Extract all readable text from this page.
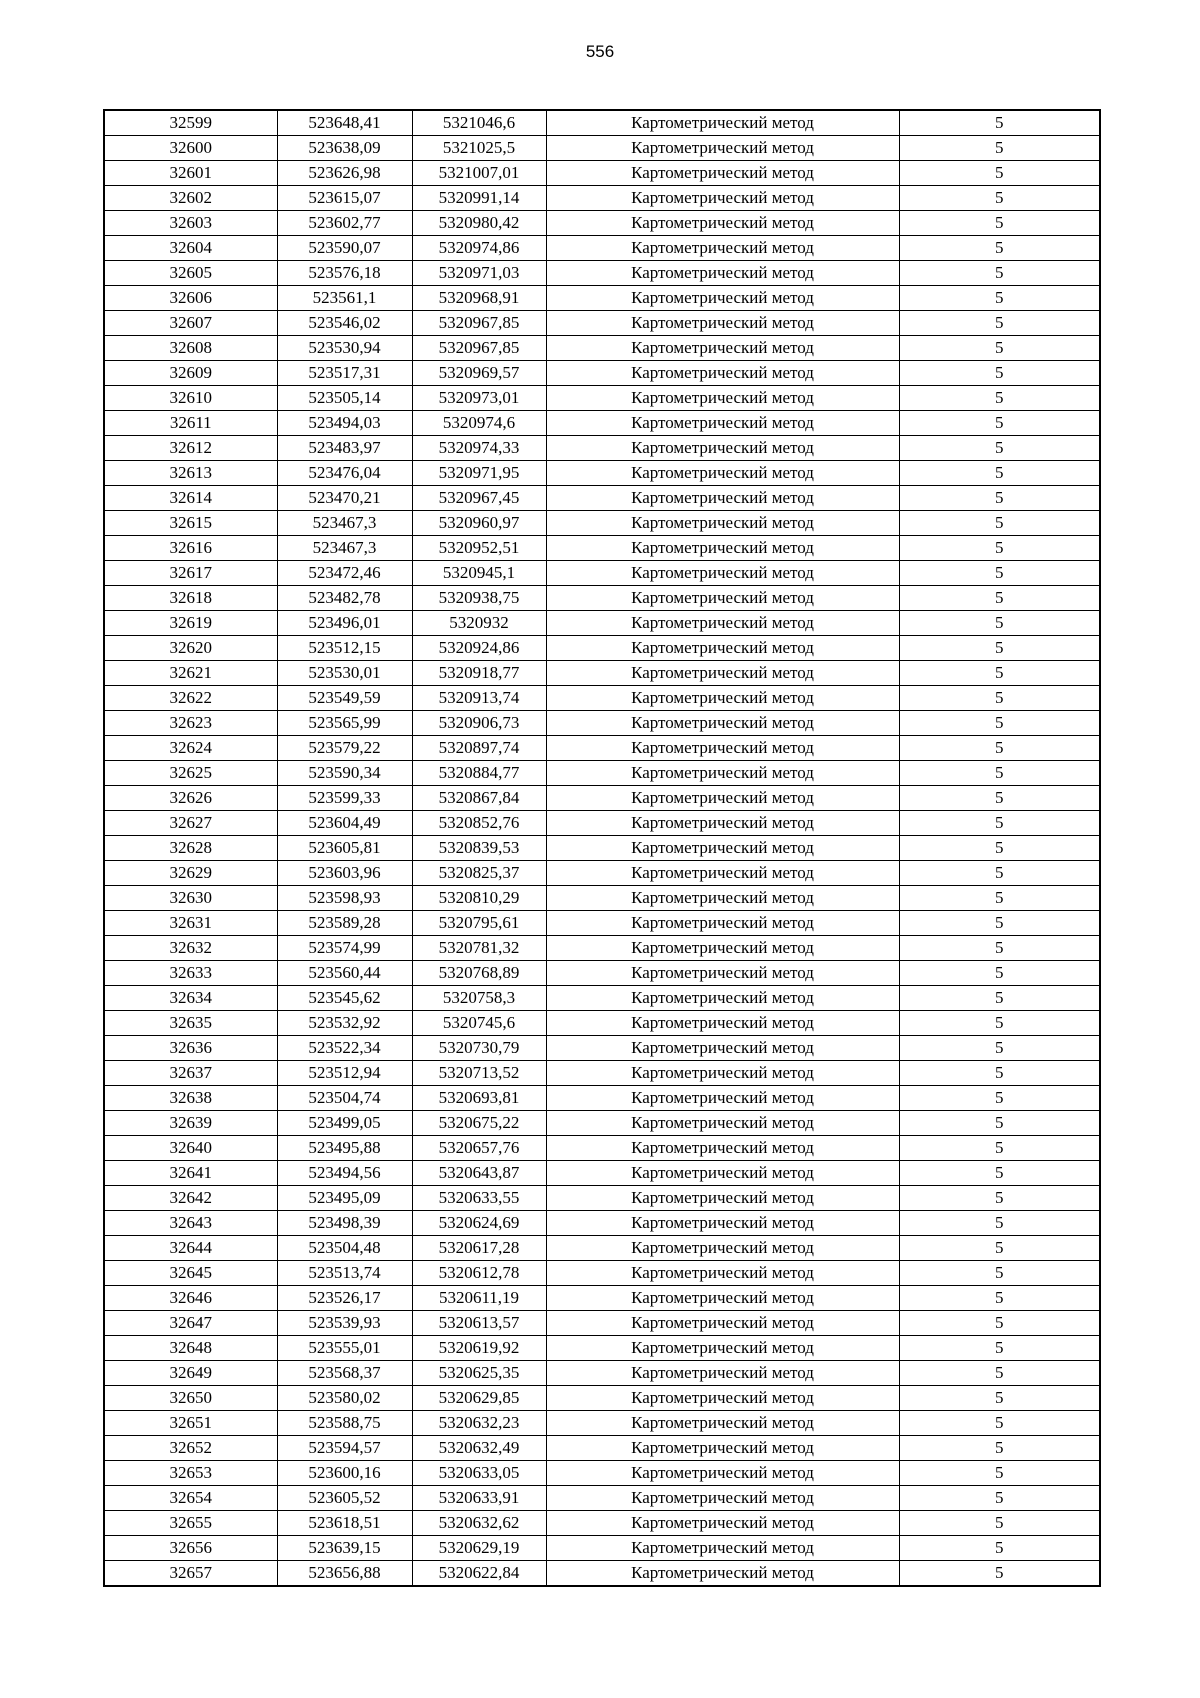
556
32599	523648,41	5321046,6	Картометрический метод	5
32600	523638,09	5321025,5	Картометрический метод	5
32601	523626,98	5321007,01	Картометрический метод	5
32602	523615,07	5320991,14	Картометрический метод	5
32603	523602,77	5320980,42	Картометрический метод	5
32604	523590,07	5320974,86	Картометрический метод	5
32605	523576,18	5320971,03	Картометрический метод	5
32606	523561,1	5320968,91	Картометрический метод	5
32607	523546,02	5320967,85	Картометрический метод	5
32608	523530,94	5320967,85	Картометрический метод	5
32609	523517,31	5320969,57	Картометрический метод	5
32610	523505,14	5320973,01	Картометрический метод	5
32611	523494,03	5320974,6	Картометрический метод	5
32612	523483,97	5320974,33	Картометрический метод	5
32613	523476,04	5320971,95	Картометрический метод	5
32614	523470,21	5320967,45	Картометрический метод	5
32615	523467,3	5320960,97	Картометрический метод	5
32616	523467,3	5320952,51	Картометрический метод	5
32617	523472,46	5320945,1	Картометрический метод	5
32618	523482,78	5320938,75	Картометрический метод	5
32619	523496,01	5320932	Картометрический метод	5
32620	523512,15	5320924,86	Картометрический метод	5
32621	523530,01	5320918,77	Картометрический метод	5
32622	523549,59	5320913,74	Картометрический метод	5
32623	523565,99	5320906,73	Картометрический метод	5
32624	523579,22	5320897,74	Картометрический метод	5
32625	523590,34	5320884,77	Картометрический метод	5
32626	523599,33	5320867,84	Картометрический метод	5
32627	523604,49	5320852,76	Картометрический метод	5
32628	523605,81	5320839,53	Картометрический метод	5
32629	523603,96	5320825,37	Картометрический метод	5
32630	523598,93	5320810,29	Картометрический метод	5
32631	523589,28	5320795,61	Картометрический метод	5
32632	523574,99	5320781,32	Картометрический метод	5
32633	523560,44	5320768,89	Картометрический метод	5
32634	523545,62	5320758,3	Картометрический метод	5
32635	523532,92	5320745,6	Картометрический метод	5
32636	523522,34	5320730,79	Картометрический метод	5
32637	523512,94	5320713,52	Картометрический метод	5
32638	523504,74	5320693,81	Картометрический метод	5
32639	523499,05	5320675,22	Картометрический метод	5
32640	523495,88	5320657,76	Картометрический метод	5
32641	523494,56	5320643,87	Картометрический метод	5
32642	523495,09	5320633,55	Картометрический метод	5
32643	523498,39	5320624,69	Картометрический метод	5
32644	523504,48	5320617,28	Картометрический метод	5
32645	523513,74	5320612,78	Картометрический метод	5
32646	523526,17	5320611,19	Картометрический метод	5
32647	523539,93	5320613,57	Картометрический метод	5
32648	523555,01	5320619,92	Картометрический метод	5
32649	523568,37	5320625,35	Картометрический метод	5
32650	523580,02	5320629,85	Картометрический метод	5
32651	523588,75	5320632,23	Картометрический метод	5
32652	523594,57	5320632,49	Картометрический метод	5
32653	523600,16	5320633,05	Картометрический метод	5
32654	523605,52	5320633,91	Картометрический метод	5
32655	523618,51	5320632,62	Картометрический метод	5
32656	523639,15	5320629,19	Картометрический метод	5
32657	523656,88	5320622,84	Картометрический метод	5
